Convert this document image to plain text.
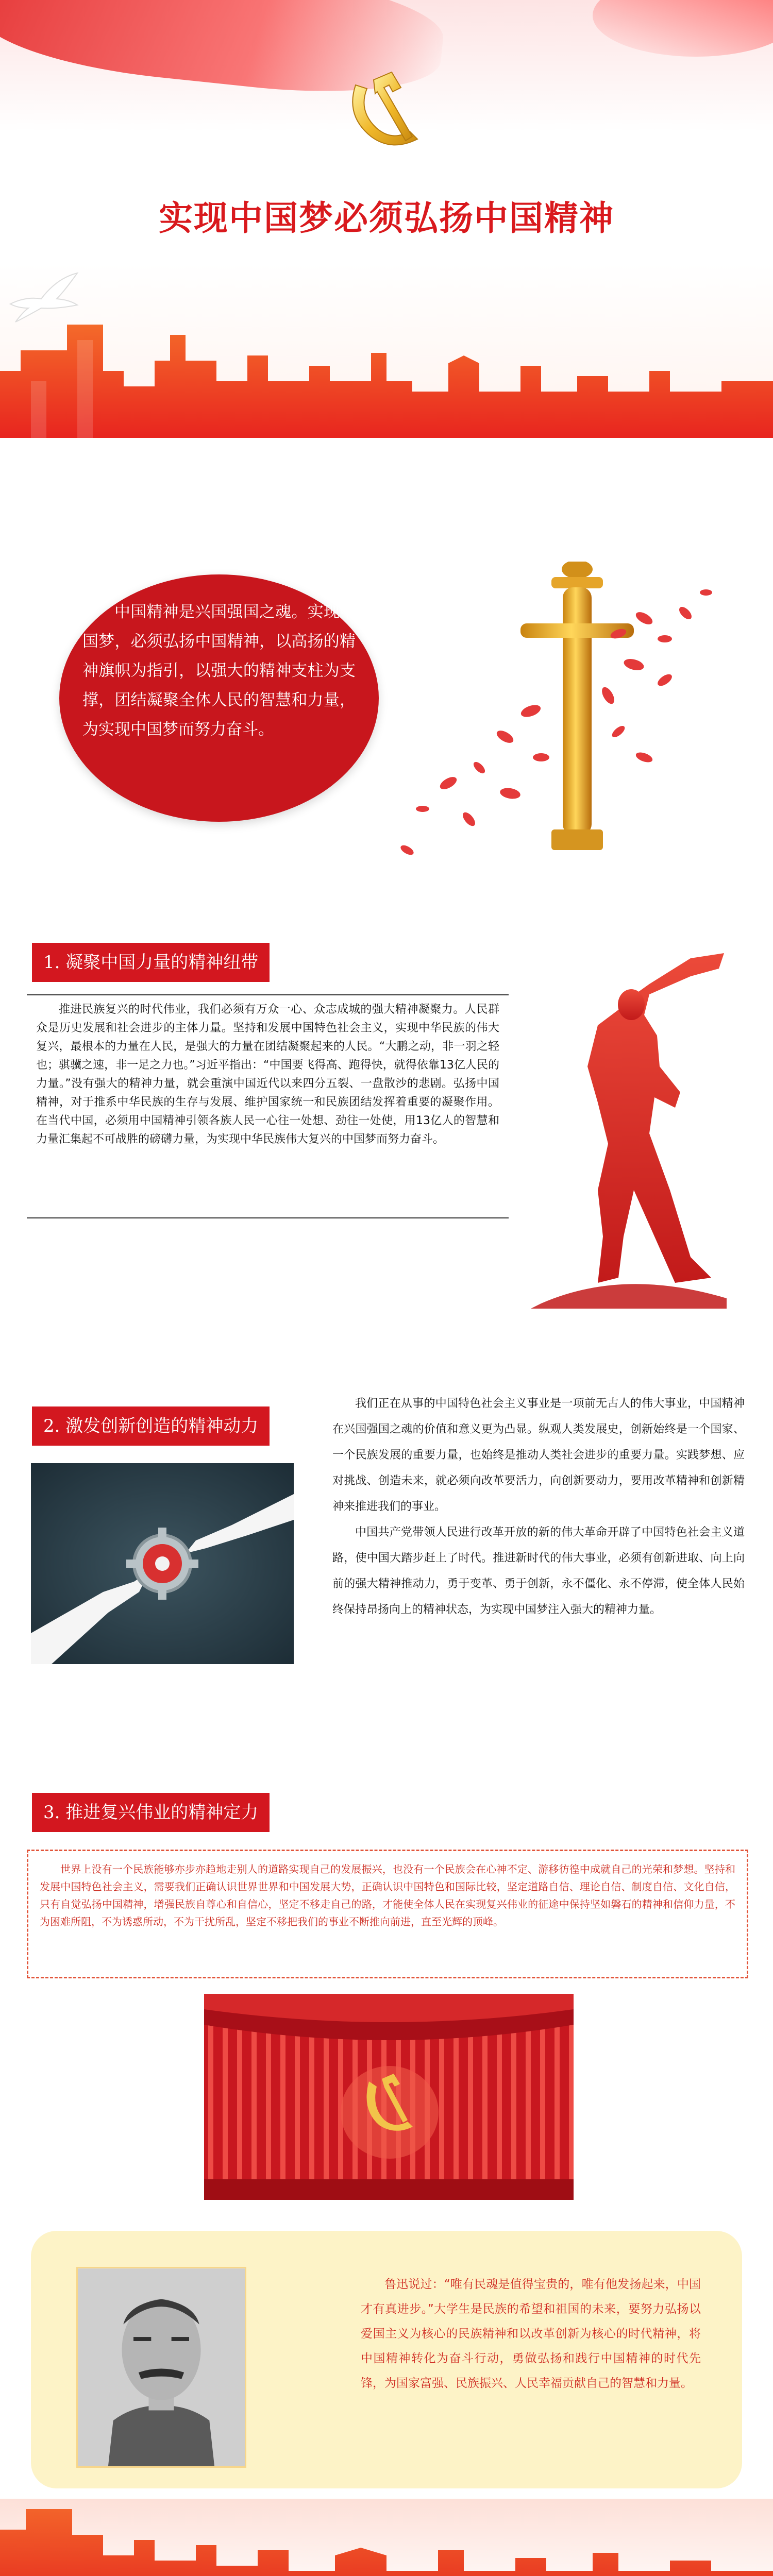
实现中国梦必须弘扬中国精神
中国精神是兴国强国之魂。实现中国梦，必须弘扬中国精神，以高扬的精神旗帜为指引，以强大的精神支柱为支撑，团结凝聚全体人民的智慧和力量，为实现中国梦而努力奋斗。
1. 凝聚中国力量的精神纽带

推进民族复兴的时代伟业，我们必须有万众一心、众志成城的强大精神凝聚力。人民群众是历史发展和社会进步的主体力量。坚持和发展中国特色社会主义，实现中华民族的伟大复兴，最根本的力量在人民，是强大的力量在团结凝聚起来的人民。“大鹏之动，非一羽之轻也；骐骥之速，非一足之力也。”习近平指出：“中国要飞得高、跑得快，就得依靠13亿人民的力量。”没有强大的精神力量，就会重演中国近代以来四分五裂、一盘散沙的悲剧。弘扬中国精神，对于推系中华民族的生存与发展、维护国家统一和民族团结发挥着重要的凝聚作用。在当代中国，必须用中国精神引领各族人民一心往一处想、劲往一处使，用13亿人的智慧和力量汇集起不可战胜的磅礴力量，为实现中华民族伟大复兴的中国梦而努力奋斗。

2. 激发创新创造的精神动力

我们正在从事的中国特色社会主义事业是一项前无古人的伟大事业，中国精神在兴国强国之魂的价值和意义更为凸显。纵观人类发展史，创新始终是一个国家、一个民族发展的重要力量，也始终是推动人类社会进步的重要力量。实践梦想、应对挑战、创造未来，就必须向改革要活力，向创新要动力，要用改革精神和创新精神来推进我们的事业。

中国共产党带领人民进行改革开放的新的伟大革命开辟了中国特色社会主义道路，使中国大踏步赶上了时代。推进新时代的伟大事业，必须有创新进取、向上向前的强大精神推动力，勇于变革、勇于创新，永不僵化、永不停滞，使全体人民始终保持昂扬向上的精神状态，为实现中国梦注入强大的精神力量。

3. 推进复兴伟业的精神定力

世界上没有一个民族能够亦步亦趋地走别人的道路实现自己的发展振兴，也没有一个民族会在心神不定、游移彷徨中成就自己的光荣和梦想。坚持和发展中国特色社会主义，需要我们正确认识世界世界和中国发展大势，正确认识中国特色和国际比较，坚定道路自信、理论自信、制度自信、文化自信，只有自觉弘扬中国精神，增强民族自尊心和自信心，坚定不移走自己的路，才能使全体人民在实现复兴伟业的征途中保持坚如磐石的精神和信仰力量，不为困难所阻，不为诱惑所动，不为干扰所乱，坚定不移把我们的事业不断推向前进，直至光辉的顶峰。

鲁迅说过：“唯有民魂是值得宝贵的，唯有他发扬起来，中国才有真进步。”大学生是民族的希望和祖国的未来，要努力弘扬以爱国主义为核心的民族精神和以改革创新为核心的时代精神，将中国精神转化为奋斗行动，勇做弘扬和践行中国精神的时代先锋，为国家富强、民族振兴、人民幸福贡献自己的智慧和力量。
